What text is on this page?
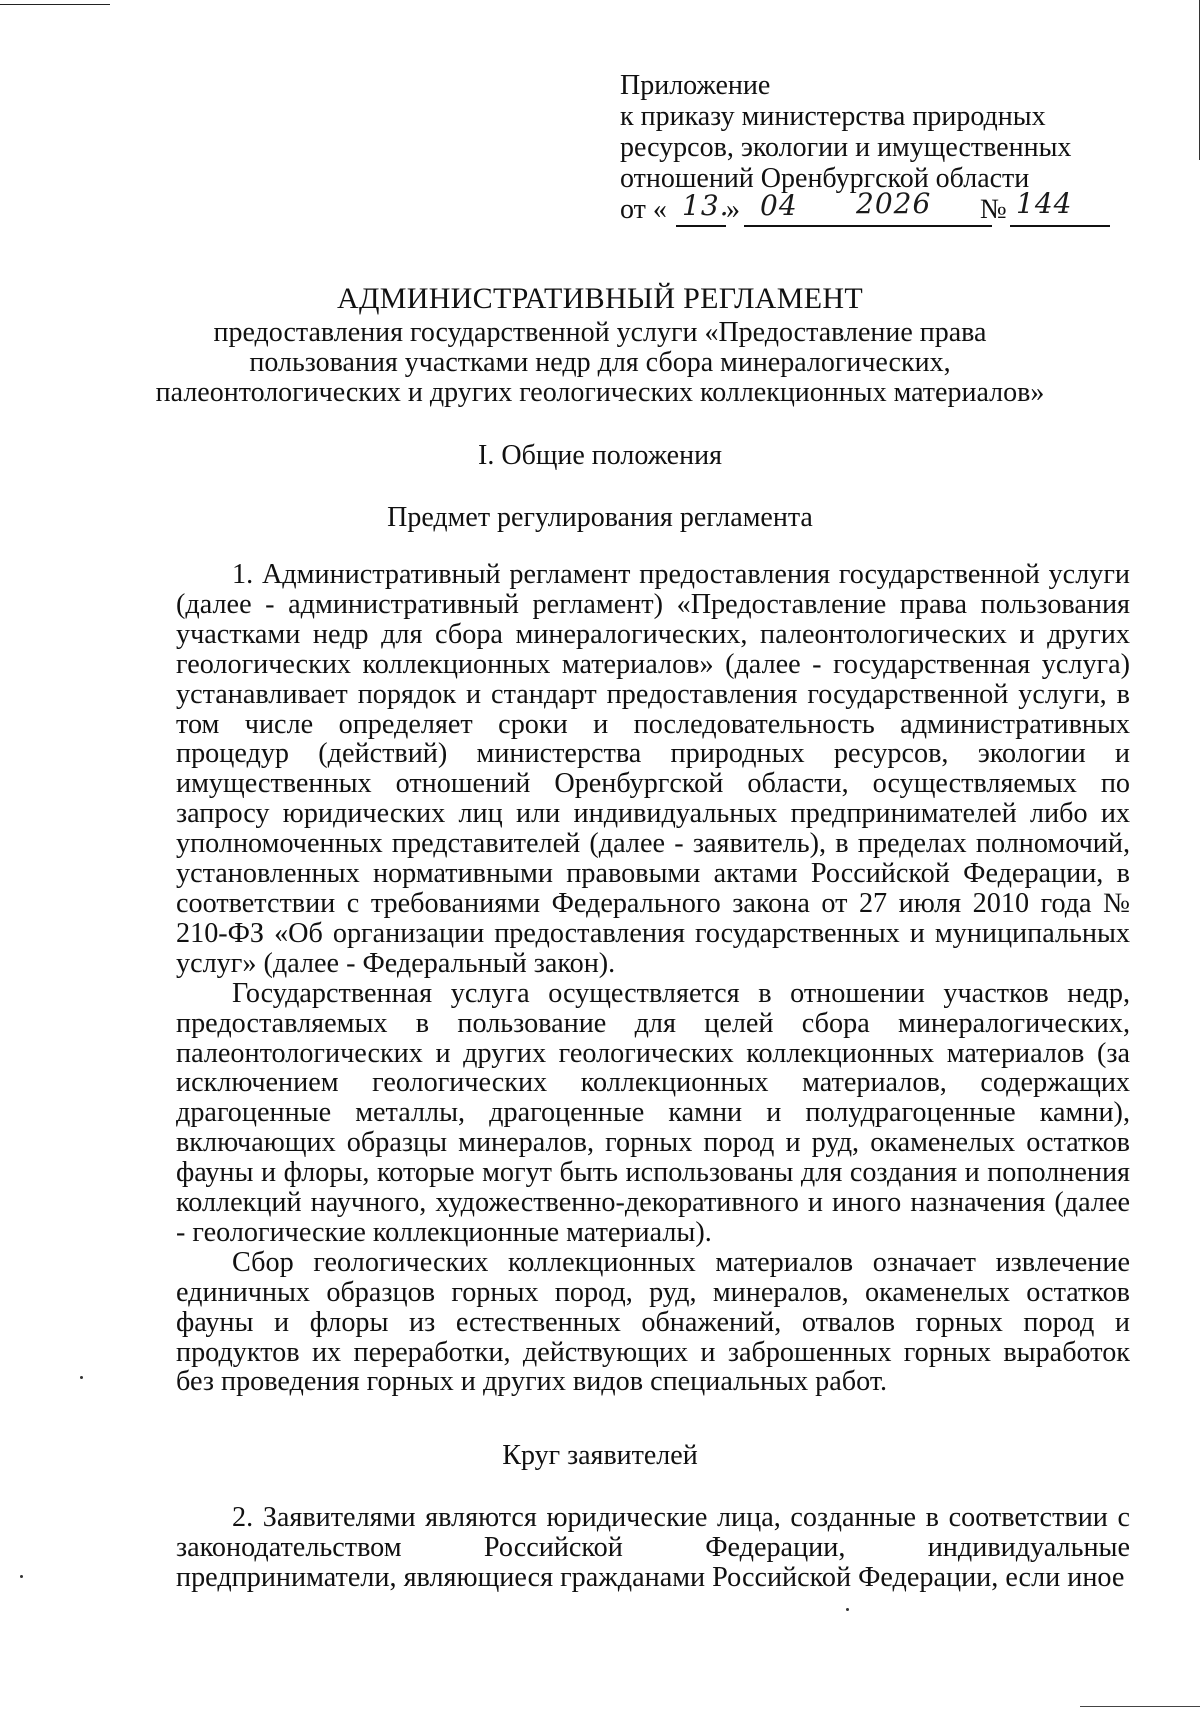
Приложение
к приказу министерства природных
ресурсов, экологии и имущественных
отношений Оренбургской области
от « 13.
» 04 2026 № 144
АДМИНИСТРАТИВНЫЙ РЕГЛАМЕНТ
предоставления государственной услуги «Предоставление права пользования участками недр для сбора минералогических, палеонтологических и других геологических коллекционных материалов»
I. Общие положения
Предмет регулирования регламента

1. Административный регламент предоставления государственной услуги (далее - административный регламент) «Предоставление права пользования участками недр для сбора минералогических, палеонтологических и других геологических коллекционных материалов» (далее - государственная услуга) устанавливает порядок и стандарт предоставления государственной услуги, в том числе определяет сроки и последовательность административных процедур (действий) министерства природных ресурсов, экологии и имущественных отношений Оренбургской области, осуществляемых по запросу юридических лиц или индивидуальных предпринимателей либо их уполномоченных представителей (далее - заявитель), в пределах полномочий, установленных нормативными правовыми актами Российской Федерации, в соответствии с требованиями Федерального закона от 27 июля 2010 года № 210-ФЗ «Об организации предоставления государственных и муниципальных услуг» (далее - Федеральный закон).

Государственная услуга осуществляется в отношении участков недр, предоставляемых в пользование для целей сбора минералогических, палеонтологических и других геологических коллекционных материалов (за исключением геологических коллекционных материалов, содержащих драгоценные металлы, драгоценные камни и полудрагоценные камни), включающих образцы минералов, горных пород и руд, окаменелых остатков фауны и флоры, которые могут быть использованы для создания и пополнения коллекций научного, художественно-декоративного и иного назначения (далее - геологические коллекционные материалы).

Сбор геологических коллекционных материалов означает извлечение единичных образцов горных пород, руд, минералов, окаменелых остатков фауны и флоры из естественных обнажений, отвалов горных пород и продуктов их переработки, действующих и заброшенных горных выработок без проведения горных и других видов специальных работ.

Круг заявителей

2. Заявителями являются юридические лица, созданные в соответствии с законодательством Российской Федерации, индивидуальные предприниматели, являющиеся гражданами Российской Федерации, если иное
